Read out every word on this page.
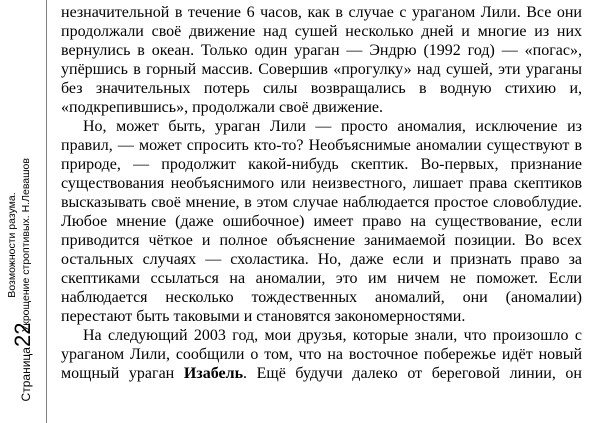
Возможности разума. Укрощение строптивых. Н.Левашов
Страница22

незначительной в течение 6 часов, как в случае с ураганом Лили. Все они продолжали своё движение над сушей несколько дней и многие из них вернулись в океан. Только один ураган — Эндрю (1992 год) — «погас», упёршись в горный массив. Совершив «прогулку» над сушей, эти ураганы без значительных потерь силы возвращались в водную стихию и, «подкрепившись», продолжали своё движение.

Но, может быть, ураган Лили — просто аномалия, исключение из правил, — может спросить кто-то? Необъяснимые аномалии существуют в природе, — продолжит какой-нибудь скептик. Во-первых, признание существования необъяснимого или неизвестного, лишает права скептиков высказывать своё мнение, в этом случае наблюдается простое словоблудие. Любое мнение (даже ошибочное) имеет право на существование, если приводится чёткое и полное объяснение занимаемой позиции. Во всех остальных случаях — схоластика. Но, даже если и признать право за скептиками ссылаться на аномалии, это им ничем не поможет. Если наблюдается несколько тождественных аномалий, они (аномалии) перестают быть таковыми и становятся закономерностями.

На следующий 2003 год, мои друзья, которые знали, что произошло с ураганом Лили, сообщили о том, что на восточное побережье идёт новый мощный ураган Изабель. Ещё будучи далеко от береговой линии, он
